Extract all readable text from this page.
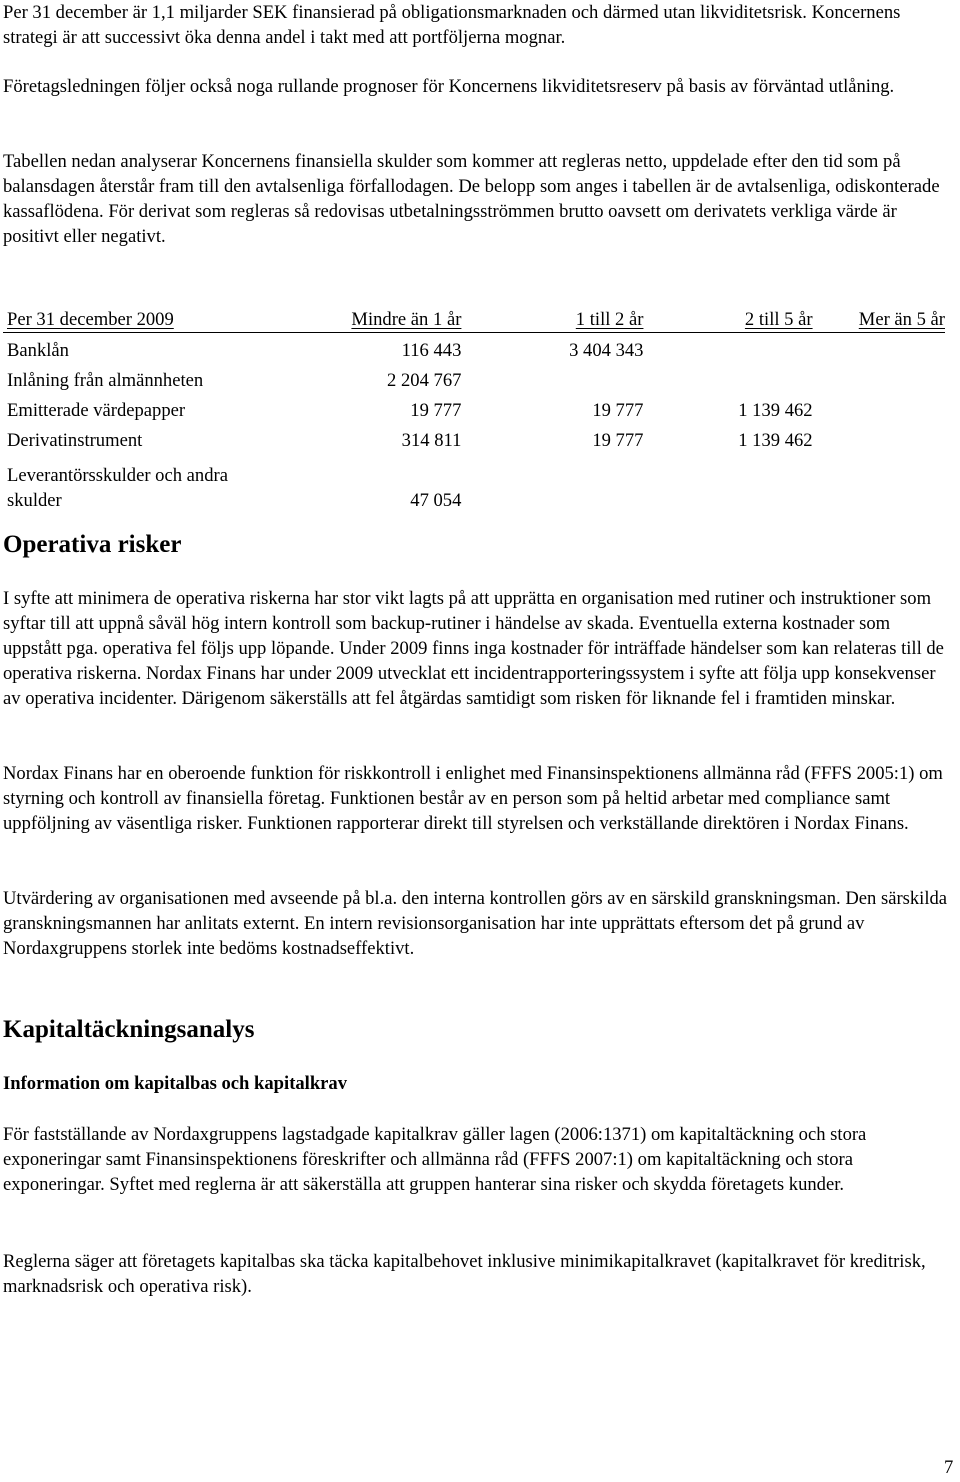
Per 31 december är 1,1 miljarder SEK finansierad på obligationsmarknaden och därmed utan likviditetsrisk. Koncernens strategi är att successivt öka denna andel i takt med att portföljerna mognar.

Företagsledningen följer också noga rullande prognoser för Koncernens likviditetsreserv på basis av förväntad utlåning.

Tabellen nedan analyserar Koncernens finansiella skulder som kommer att regleras netto, uppdelade efter den tid som på balansdagen återstår fram till den avtalsenliga förfallodagen. De belopp som anges i tabellen är de avtalsenliga, odiskonterade kassaflödena. För derivat som regleras så redovisas utbetalningsströmmen brutto oavsett om derivatets verkliga värde är positivt eller negativt.

Per 31 december 2009	Mindre än 1 år	1 till 2 år	2 till 5 år	Mer än 5 år
Banklån	116 443	3 404 343		
Inlåning från almännheten	2 204 767			
Emitterade värdepapper	19 777	19 777	1 139 462	
Derivatinstrument	314 811	19 777	1 139 462	
Leverantörsskulder och andra skulder	47 054			
Operativa risker

I syfte att minimera de operativa riskerna har stor vikt lagts på att upprätta en organisation med rutiner och instruktioner som syftar till att uppnå såväl hög intern kontroll som backup-rutiner i händelse av skada. Eventuella externa kostnader som uppstått pga. operativa fel följs upp löpande. Under 2009 finns inga kostnader för inträffade händelser som kan relateras till de operativa riskerna. Nordax Finans har under 2009 utvecklat ett incidentrapporteringssystem i syfte att följa upp konsekvenser av operativa incidenter. Därigenom säkerställs att fel åtgärdas samtidigt som risken för liknande fel i framtiden minskar.

Nordax Finans har en oberoende funktion för riskkontroll i enlighet med Finansinspektionens allmänna råd (FFFS 2005:1) om styrning och kontroll av finansiella företag. Funktionen består av en person som på heltid arbetar med compliance samt uppföljning av väsentliga risker. Funktionen rapporterar direkt till styrelsen och verkställande direktören i Nordax Finans.

Utvärdering av organisationen med avseende på bl.a. den interna kontrollen görs av en särskild granskningsman. Den särskilda granskningsmannen har anlitats externt. En intern revisionsorganisation har inte upprättats eftersom det på grund av Nordaxgruppens storlek inte bedöms kostnadseffektivt.

Kapitaltäckningsanalys
Information om kapitalbas och kapitalkrav

För fastställande av Nordaxgruppens lagstadgade kapitalkrav gäller lagen (2006:1371) om kapitaltäckning och stora exponeringar samt Finansinspektionens föreskrifter och allmänna råd (FFFS 2007:1) om kapitaltäckning och stora exponeringar. Syftet med reglerna är att säkerställa att gruppen hanterar sina risker och skydda företagets kunder.

Reglerna säger att företagets kapitalbas ska täcka kapitalbehovet inklusive minimikapitalkravet (kapitalkravet för kreditrisk, marknadsrisk och operativa risk).

7
